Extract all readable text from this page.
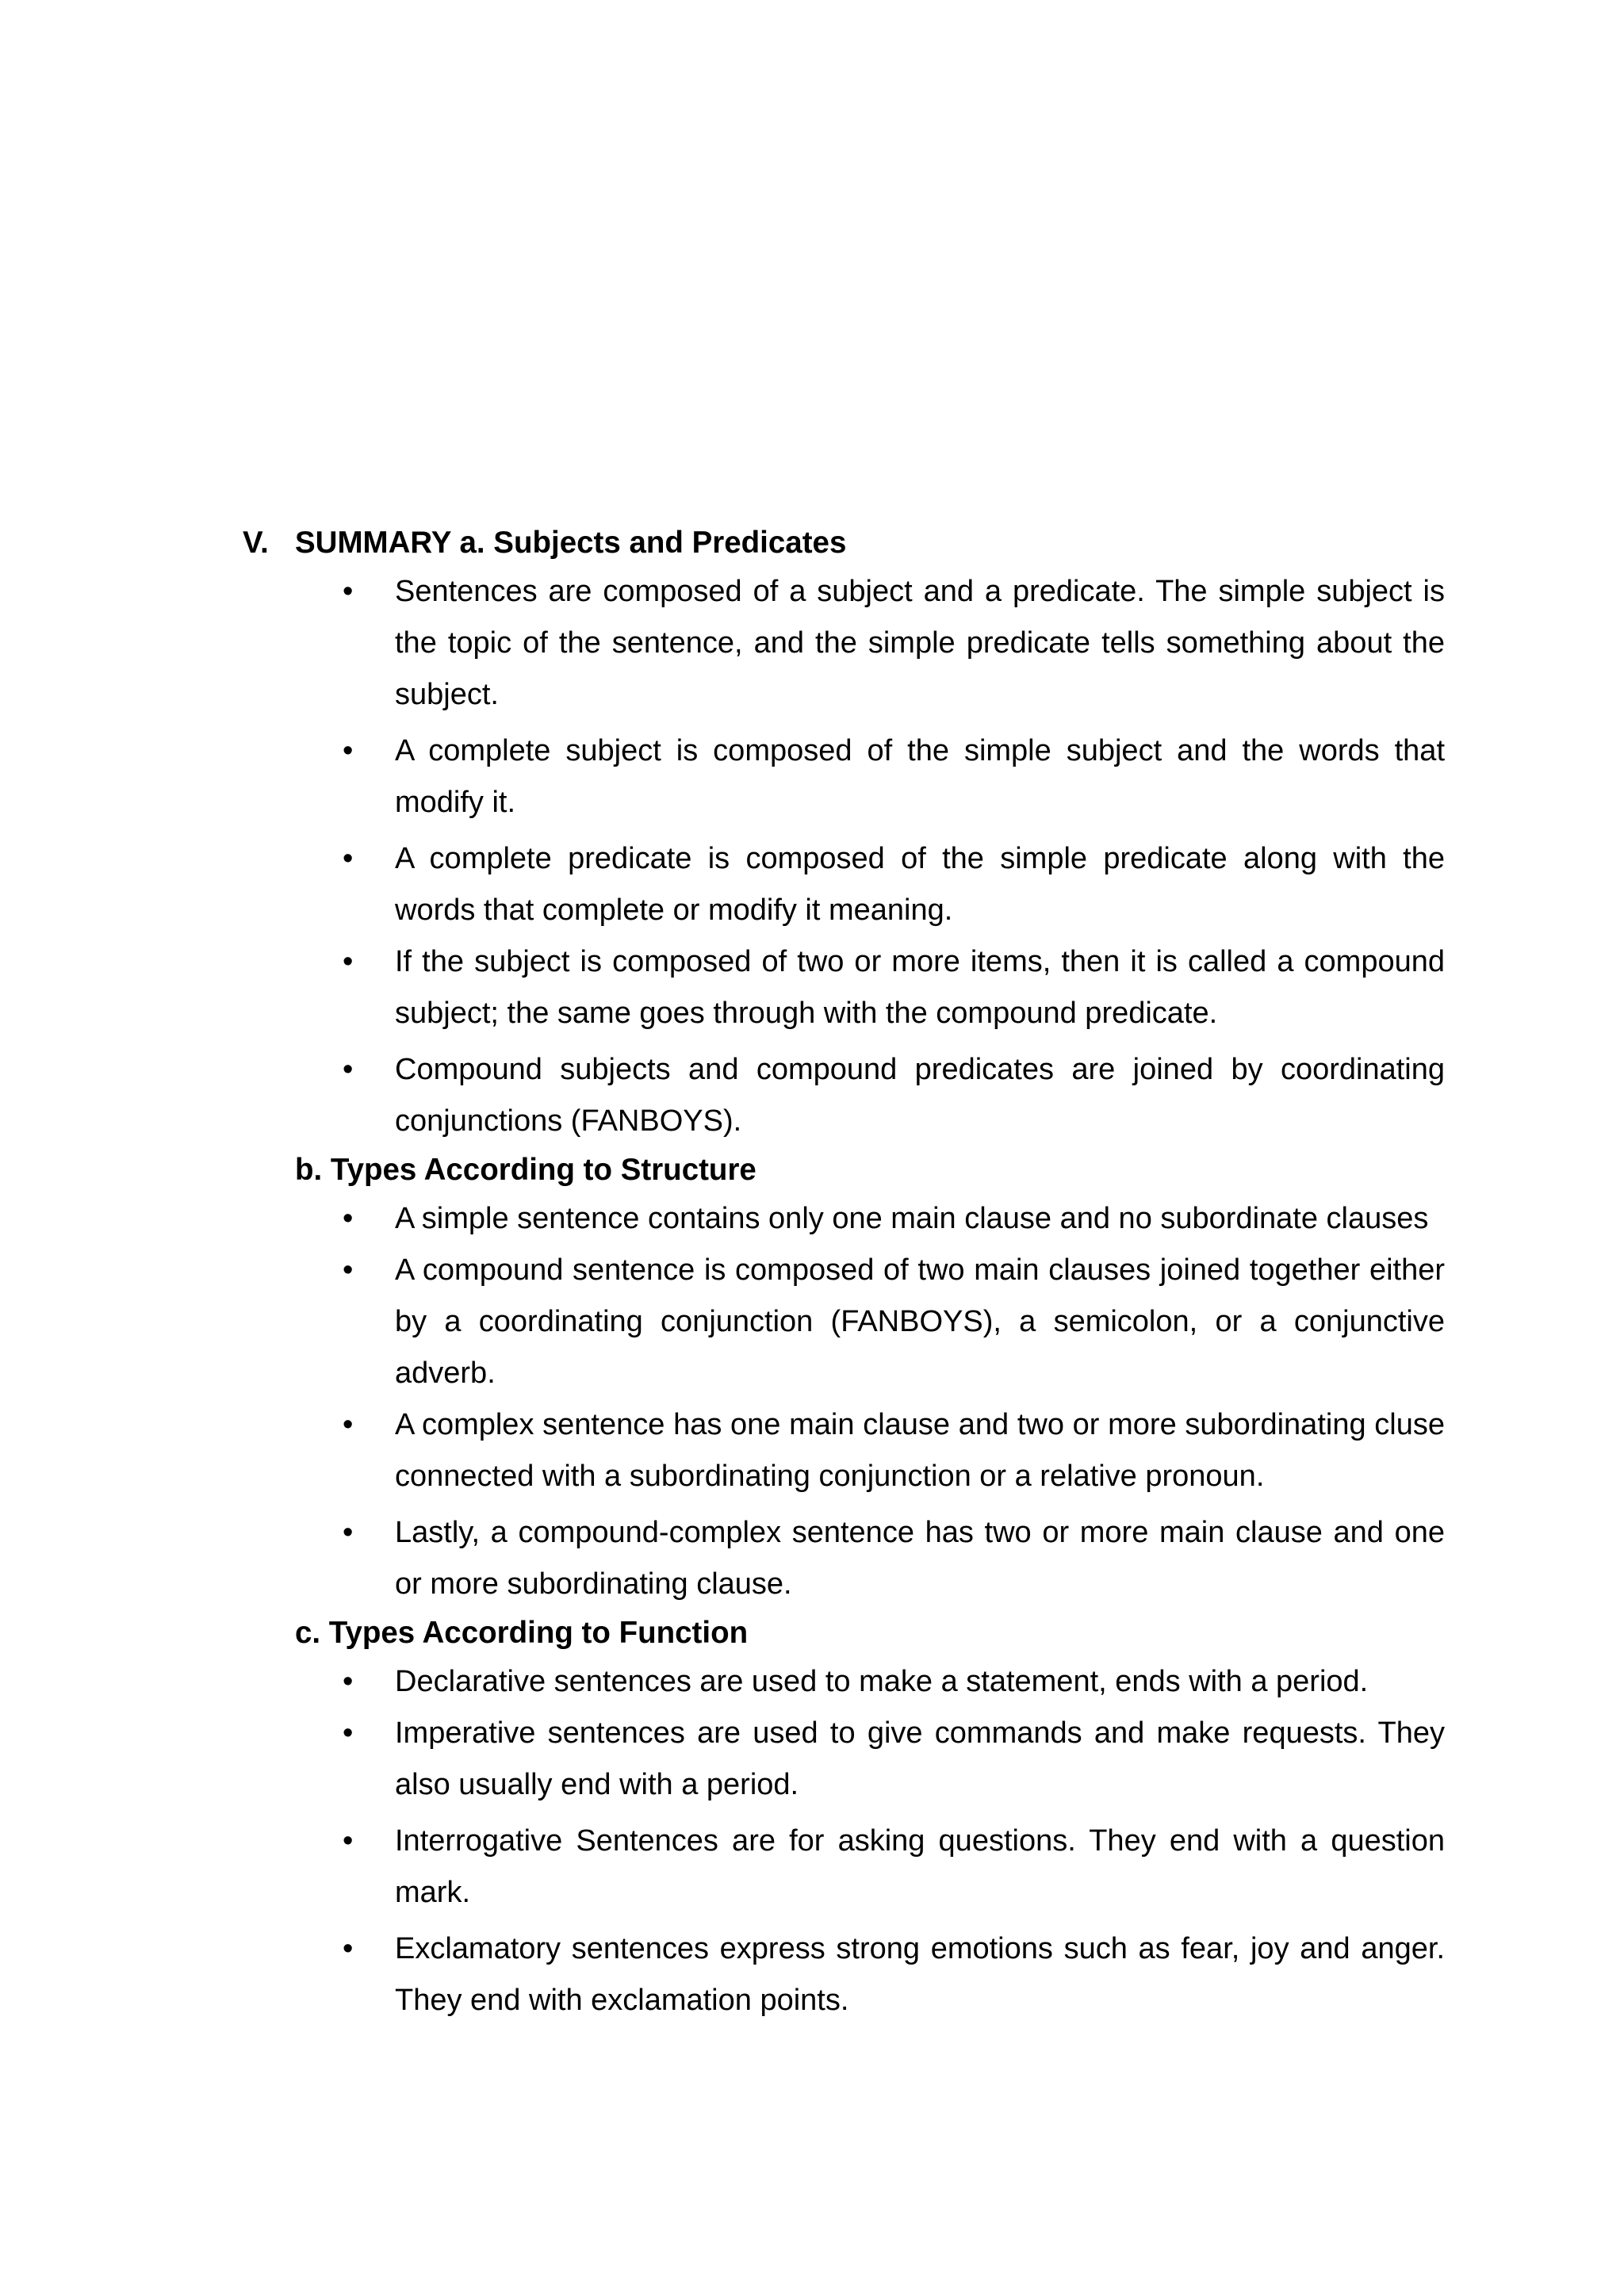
V. SUMMARY a. Subjects and Predicates
•	Sentences are composed of a subject and a predicate. The simple subject is the topic of the sentence, and the simple predicate tells something about the subject.
•	A complete subject is composed of the simple subject and the words that modify it.
•	A complete predicate is composed of the simple predicate along with the words that complete or modify it meaning.
•	If the subject is composed of two or more items, then it is called a compound subject; the same goes through with the compound predicate.
•	Compound subjects and compound predicates are joined by coordinating conjunctions (FANBOYS).
b. Types According to Structure
•	A simple sentence contains only one main clause and no subordinate clauses
•	A compound sentence is composed of two main clauses joined together either by a coordinating conjunction (FANBOYS), a semicolon, or a conjunctive adverb.
•	A complex sentence has one main clause and two or more subordinating cluse connected with a subordinating conjunction or a relative pronoun.
•	Lastly, a compound-complex sentence has two or more main clause and one or more subordinating clause.
c. Types According to Function
•	Declarative sentences are used to make a statement, ends with a period.
•	Imperative sentences are used to give commands and make requests. They also usually end with a period.
•	Interrogative Sentences are for asking questions. They end with a question mark.
•	Exclamatory sentences express strong emotions such as fear, joy and anger. They end with exclamation points.
